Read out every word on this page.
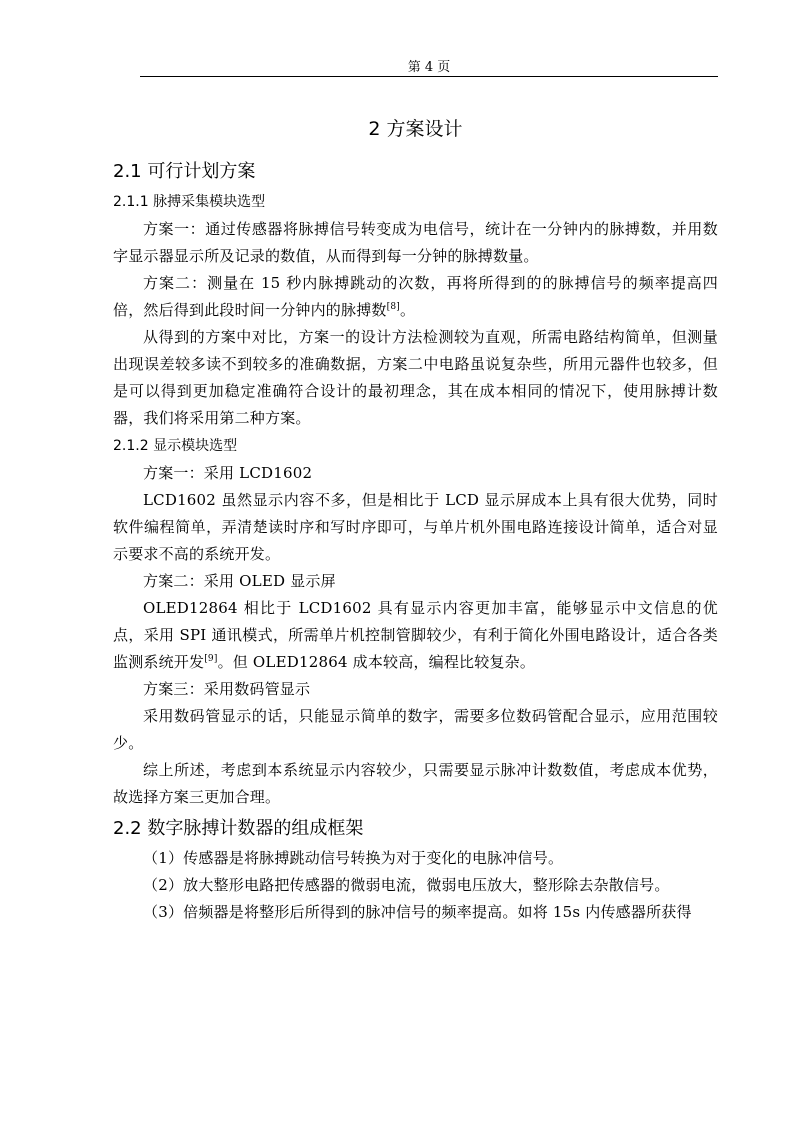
第 4 页
2 方案设计
2.1 可行计划方案
2.1.1 脉搏采集模块选型

方案一：通过传感器将脉搏信号转变成为电信号，统计在一分钟内的脉搏数，并用数字显示器显示所及记录的数值，从而得到每一分钟的脉搏数量。

方案二：测量在 15 秒内脉搏跳动的次数，再将所得到的的脉搏信号的频率提高四倍，然后得到此段时间一分钟内的脉搏数[8]。

从得到的方案中对比，方案一的设计方法检测较为直观，所需电路结构简单，但测量出现误差较多读不到较多的准确数据，方案二中电路虽说复杂些，所用元器件也较多，但是可以得到更加稳定准确符合设计的最初理念，其在成本相同的情况下，使用脉搏计数器，我们将采用第二种方案。

2.1.2 显示模块选型

方案一：采用 LCD1602

LCD1602 虽然显示内容不多，但是相比于 LCD 显示屏成本上具有很大优势，同时软件编程简单，弄清楚读时序和写时序即可，与单片机外围电路连接设计简单，适合对显示要求不高的系统开发。

方案二：采用 OLED 显示屏

OLED12864 相比于 LCD1602 具有显示内容更加丰富，能够显示中文信息的优点，采用 SPI 通讯模式，所需单片机控制管脚较少，有利于简化外围电路设计，适合各类监测系统开发[9]。但 OLED12864 成本较高，编程比较复杂。

方案三：采用数码管显示

采用数码管显示的话，只能显示简单的数字，需要多位数码管配合显示，应用范围较少。

综上所述，考虑到本系统显示内容较少，只需要显示脉冲计数数值，考虑成本优势，故选择方案三更加合理。

2.2 数字脉搏计数器的组成框架

（1）传感器是将脉搏跳动信号转换为对于变化的电脉冲信号。

（2）放大整形电路把传感器的微弱电流，微弱电压放大，整形除去杂散信号。

（3）倍频器是将整形后所得到的脉冲信号的频率提高。如将 15s 内传感器所获得
